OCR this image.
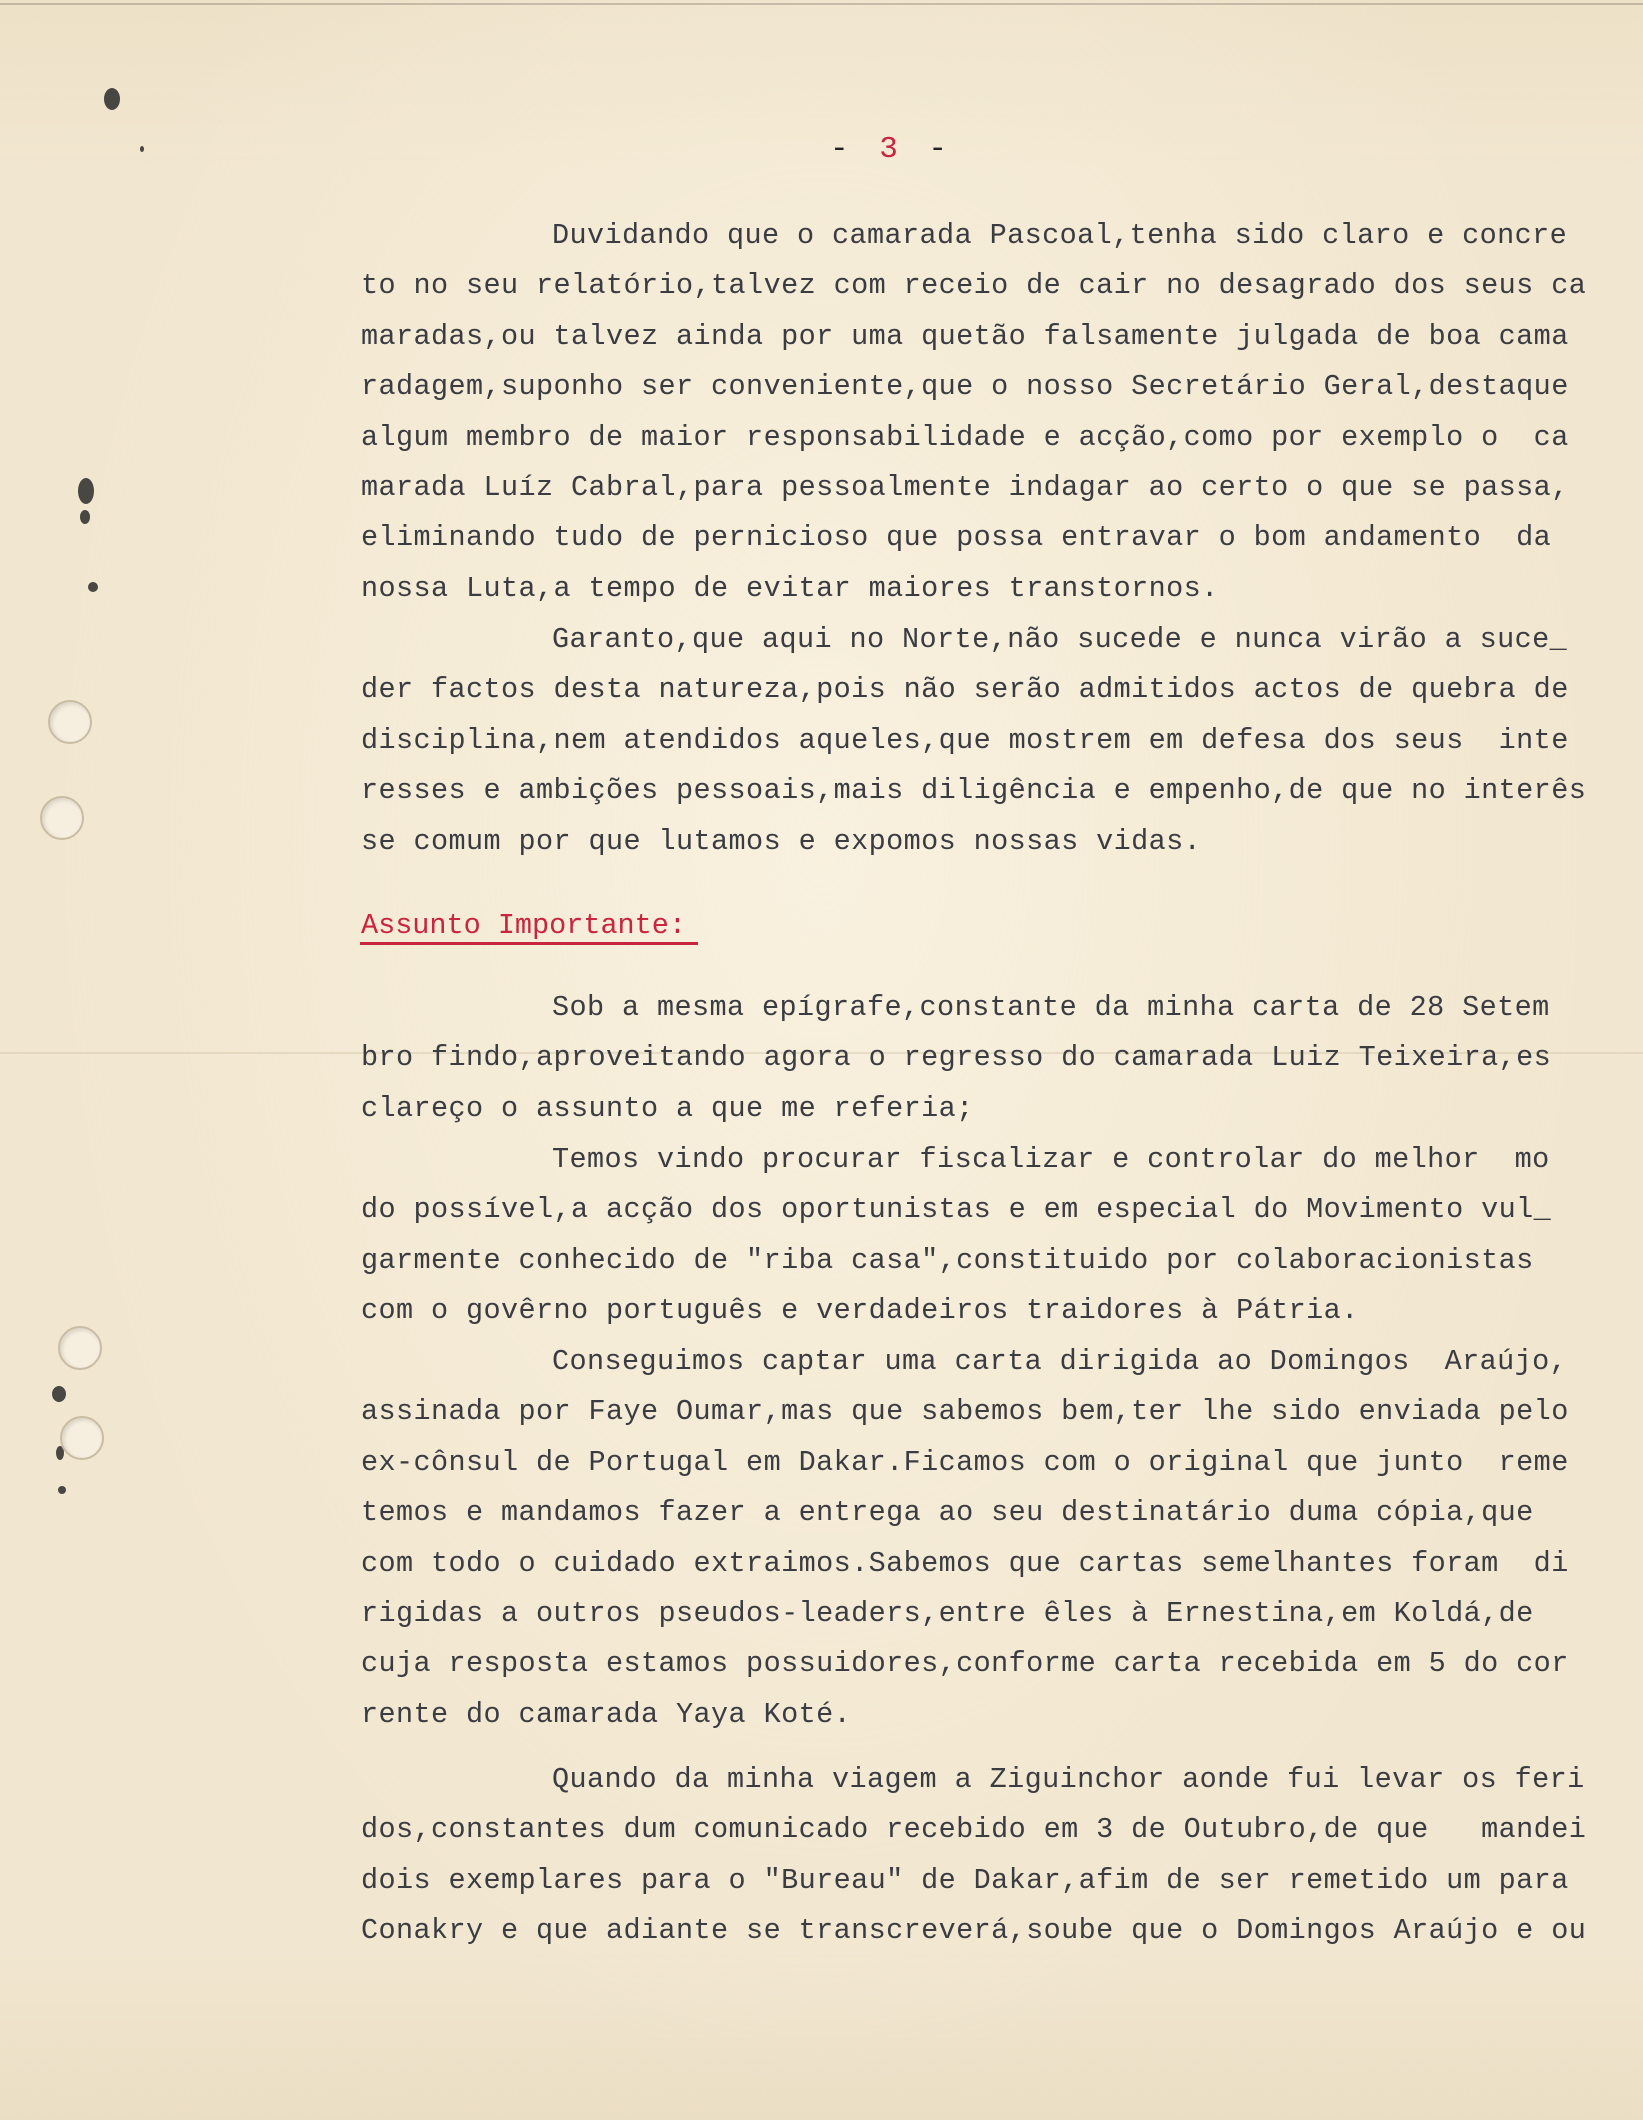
- 3 -
Duvidando que o camarada Pascoal,tenha sido claro e concre
to no seu relatório,talvez com receio de cair no desagrado dos seus ca
maradas,ou talvez ainda por uma quetão falsamente julgada de boa cama
radagem,suponho ser conveniente,que o nosso Secretário Geral,destaque
algum membro de maior responsabilidade e acção,como por exemplo o  ca
marada Luíz Cabral,para pessoalmente indagar ao certo o que se passa,
eliminando tudo de pernicioso que possa entravar o bom andamento  da
nossa Luta,a tempo de evitar maiores transtornos.
Garanto,que aqui no Norte,não sucede e nunca virão a suce_
der factos desta natureza,pois não serão admitidos actos de quebra de
disciplina,nem atendidos aqueles,que mostrem em defesa dos seus  inte
resses e ambições pessoais,mais diligência e empenho,de que no interês
se comum por que lutamos e expomos nossas vidas.
Assunto Importante:
Sob a mesma epígrafe,constante da minha carta de 28 Setem
bro findo,aproveitando agora o regresso do camarada Luiz Teixeira,es
clareço o assunto a que me referia;
Temos vindo procurar fiscalizar e controlar do melhor  mo
do possível,a acção dos oportunistas e em especial do Movimento vul_
garmente conhecido de "riba casa",constituido por colaboracionistas
com o govêrno português e verdadeiros traidores à Pátria.
Conseguimos captar uma carta dirigida ao Domingos  Araújo,
assinada por Faye Oumar,mas que sabemos bem,ter lhe sido enviada pelo
ex-cônsul de Portugal em Dakar.Ficamos com o original que junto  reme
temos e mandamos fazer a entrega ao seu destinatário duma cópia,que
com todo o cuidado extraimos.Sabemos que cartas semelhantes foram  di
rigidas a outros pseudos-leaders,entre êles à Ernestina,em Koldá,de
cuja resposta estamos possuidores,conforme carta recebida em 5 do cor
rente do camarada Yaya Koté.
Quando da minha viagem a Ziguinchor aonde fui levar os feri
dos,constantes dum comunicado recebido em 3 de Outubro,de que   mandei
dois exemplares para o "Bureau" de Dakar,afim de ser remetido um para
Conakry e que adiante se transcreverá,soube que o Domingos Araújo e ou
